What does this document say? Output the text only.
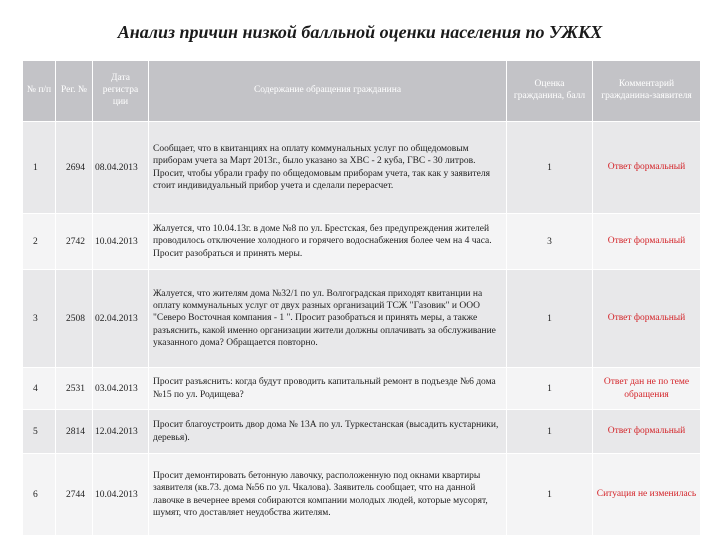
Анализ причин низкой балльной оценки населения по УЖКХ
№ п/п	Рег. №	Дата регистра ции	Содержание обращения гражданина	Оценка гражданина, балл	Комментарий гражданина-заявителя
1	2694	08.04.2013	Сообщает, что в квитанциях на оплату коммунальных услуг по общедомовым приборам учета за Март 2013г., было указано за ХВС - 2 куба, ГВС - 30 литров. Просит, чтобы убрали графу по общедомовым приборам учета, так как у заявителя стоит индивидуальный прибор учета и сделали перерасчет.	1	Ответ формальный
2	2742	10.04.2013	Жалуется, что 10.04.13г. в доме №8 по ул. Брестская, без предупреждения жителей проводилось отключение холодного и горячего водоснабжения более чем на 4 часа. Просит разобраться и принять меры.	3	Ответ формальный
3	2508	02.04.2013	Жалуется, что жителям дома №32/1 по ул. Волгоградская приходят квитанции на оплату коммунальных услуг от двух разных организаций ТСЖ "Газовик" и ООО "Северо Восточная компания - 1 ". Просит разобраться и принять меры, а также разъяснить, какой именно организации жители должны оплачивать за обслуживание указанного дома? Обращается повторно.	1	Ответ формальный
4	2531	03.04.2013	Просит разъяснить: когда будут проводить капитальный ремонт в подъезде №6 дома №15 по ул. Родищева?	1	Ответ дан не по теме обращения
5	2814	12.04.2013	Просит благоустроить двор дома № 13А по ул. Туркестанская (высадить кустарники, деревья).	1	Ответ формальный
6	2744	10.04.2013	Просит демонтировать бетонную лавочку, расположенную под окнами квартиры заявителя (кв.73. дома №56 по ул. Чкалова). Заявитель сообщает, что на данной лавочке в вечернее время собираются компании молодых людей, которые мусорят, шумят, что доставляет неудобства жителям.	1	Ситуация не изменилась
